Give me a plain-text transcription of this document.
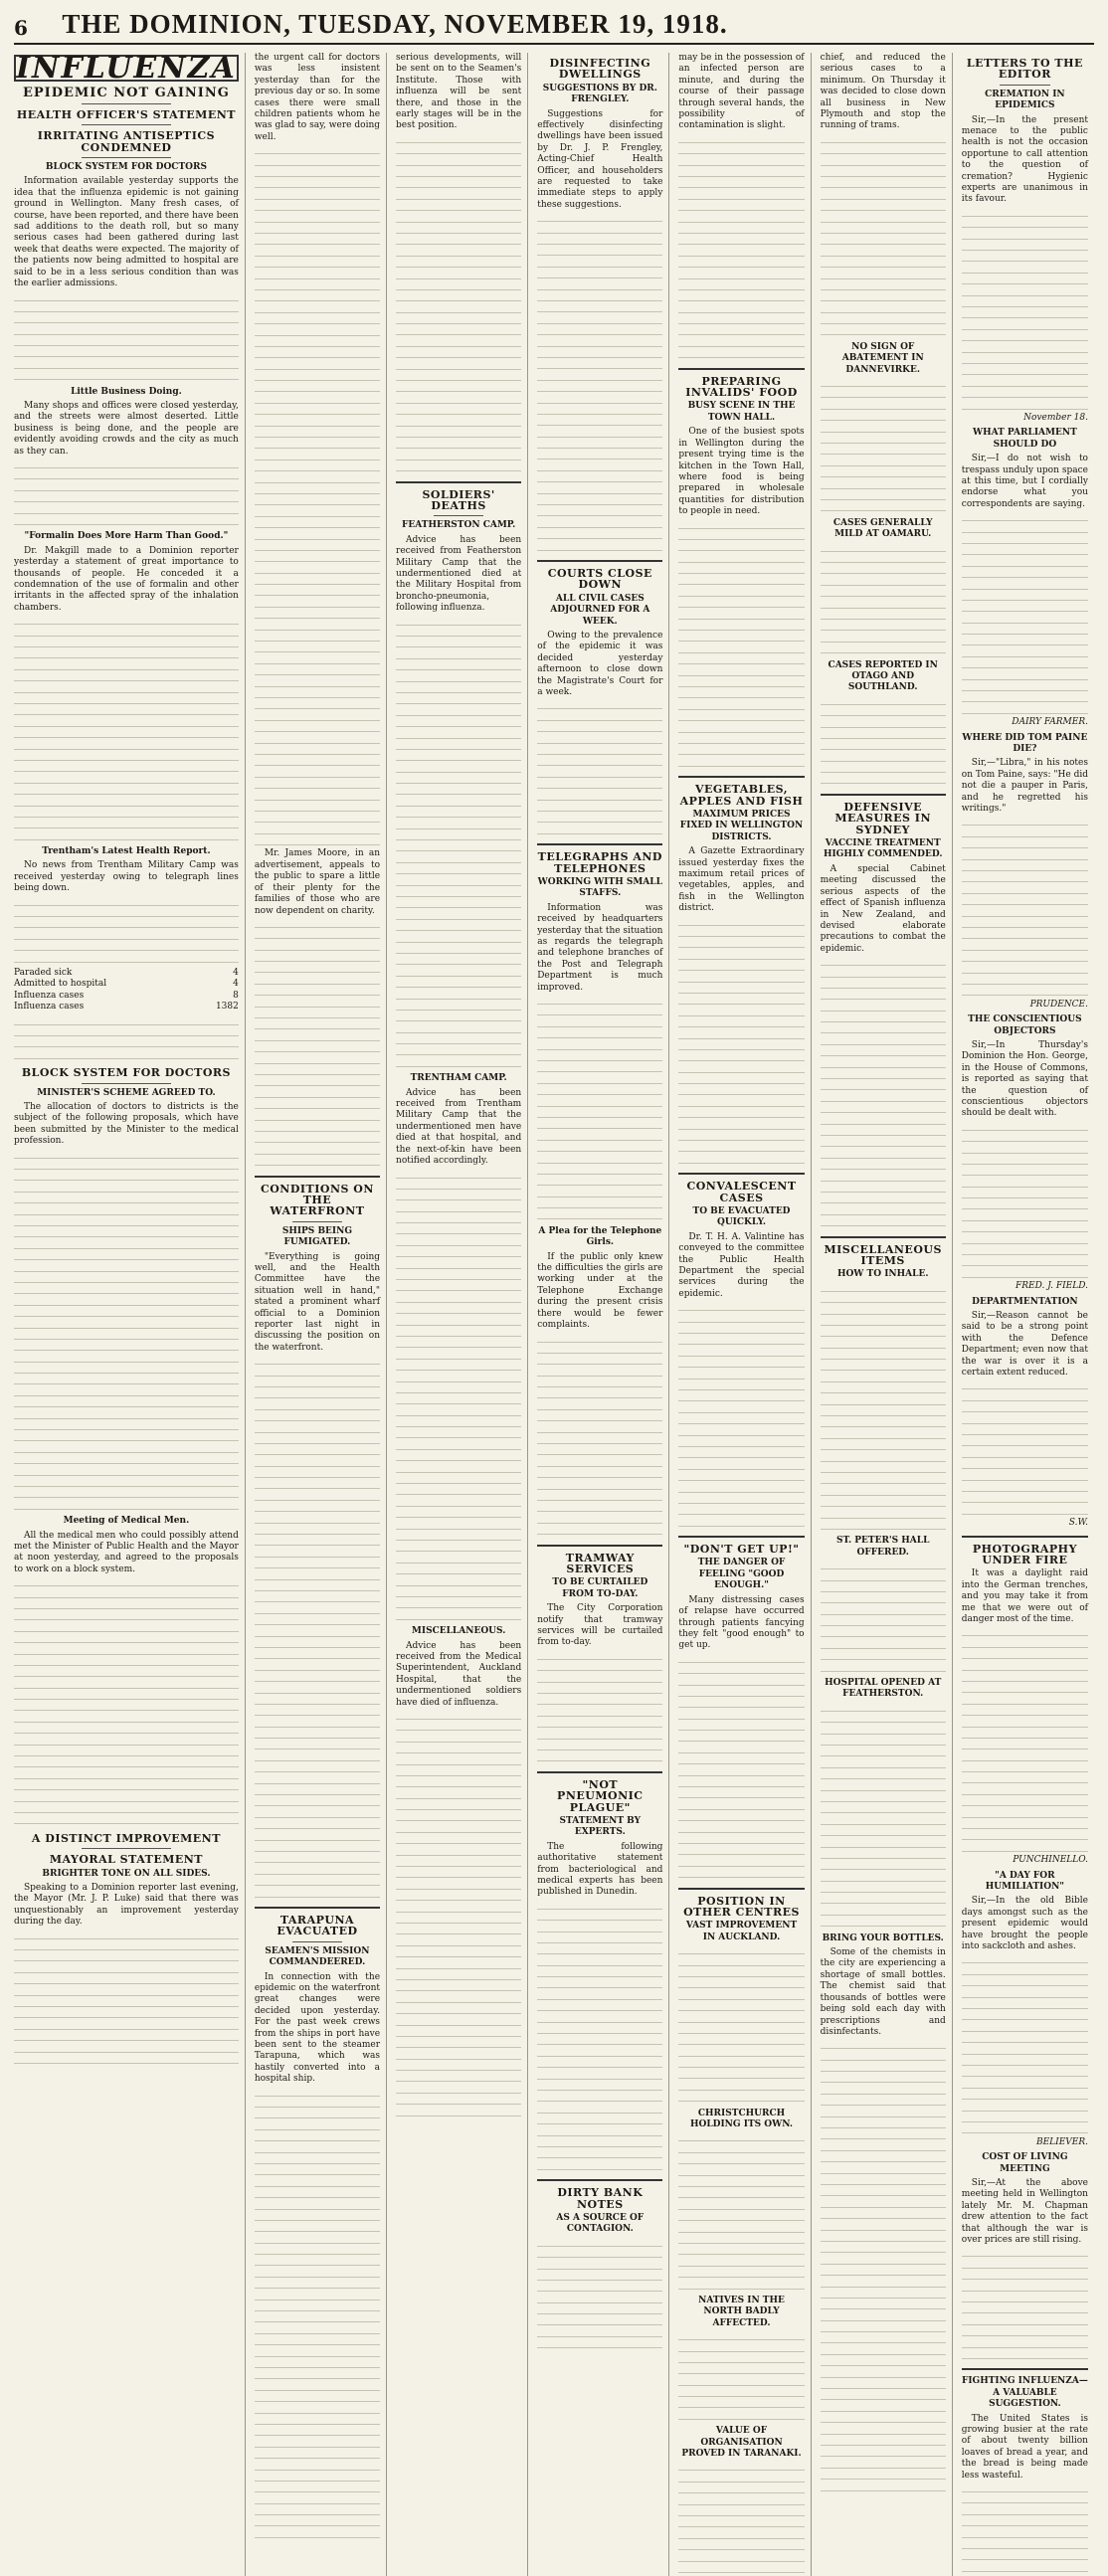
6	THE DOMINION, TUESDAY, NOVEMBER 19, 1918.
INFLUENZA
EPIDEMIC NOT GAINING
HEALTH OFFICER'S STATEMENT
IRRITATING ANTISEPTICS CONDEMNED
BLOCK SYSTEM FOR DOCTORS

Information available yesterday supports the idea that the influenza epidemic is not gaining ground in Wellington. Many fresh cases, of course, have been reported, and there have been sad additions to the death roll, but so many serious cases had been gathered during last week that deaths were expected. The majority of the patients now being admitted to hospital are said to be in a less serious condition than was the earlier admissions.

Little Business Doing.

Many shops and offices were closed yesterday, and the streets were almost deserted. Little business is being done, and the people are evidently avoiding crowds and the city as much as they can.

"Formalin Does More Harm Than Good."

Dr. Makgill made to a Dominion reporter yesterday a statement of great importance to thousands of people. He conceded it a condemnation of the use of formalin and other irritants in the affected spray of the inhalation chambers.

Trentham's Latest Health Report.

No news from Trentham Military Camp was received yesterday owing to telegraph lines being down.

Paraded sick	4
Admitted to hospital	4
Influenza cases	8
Influenza cases	1382
BLOCK SYSTEM FOR DOCTORS
MINISTER'S SCHEME AGREED TO.

The allocation of doctors to districts is the subject of the following proposals, which have been submitted by the Minister to the medical profession.

Meeting of Medical Men.

All the medical men who could possibly attend met the Minister of Public Health and the Mayor at noon yesterday, and agreed to the proposals to work on a block system.

A DISTINCT IMPROVEMENT
MAYORAL STATEMENT
BRIGHTER TONE ON ALL SIDES.

Speaking to a Dominion reporter last evening, the Mayor (Mr. J. P. Luke) said that there was unquestionably an improvement yesterday during the day.

the urgent call for doctors was less insistent yesterday than for the previous day or so. In some cases there were small children patients whom he was glad to say, were doing well.

Mr. James Moore, in an advertisement, appeals to the public to spare a little of their plenty for the families of those who are now dependent on charity.

CONDITIONS ON THE WATERFRONT
SHIPS BEING FUMIGATED.

"Everything is going well, and the Health Committee have the situation well in hand," stated a prominent wharf official to a Dominion reporter last night in discussing the position on the waterfront.

TARAPUNA EVACUATED
SEAMEN'S MISSION COMMANDEERED.

In connection with the epidemic on the waterfront great changes were decided upon yesterday. For the past week crews from the ships in port have been sent to the steamer Tarapuna, which was hastily converted into a hospital ship.

serious developments, will be sent on to the Seamen's Institute. Those with influenza will be sent there, and those in the early stages will be in the best position.

SOLDIERS' DEATHS
FEATHERSTON CAMP.

Advice has been received from Featherston Military Camp that the undermentioned died at the Military Hospital from broncho-pneumonia, following influenza.

TRENTHAM CAMP.

Advice has been received from Trentham Military Camp that the undermentioned men have died at that hospital, and the next-of-kin have been notified accordingly.

MISCELLANEOUS.

Advice has been received from the Medical Superintendent, Auckland Hospital, that the undermentioned soldiers have died of influenza.

DISINFECTING DWELLINGS
SUGGESTIONS BY DR. FRENGLEY.

Suggestions for effectively disinfecting dwellings have been issued by Dr. J. P. Frengley, Acting-Chief Health Officer, and householders are requested to take immediate steps to apply these suggestions.

COURTS CLOSE DOWN
ALL CIVIL CASES ADJOURNED FOR A WEEK.

Owing to the prevalence of the epidemic it was decided yesterday afternoon to close down the Magistrate's Court for a week.

TELEGRAPHS AND TELEPHONES
WORKING WITH SMALL STAFFS.

Information was received by headquarters yesterday that the situation as regards the telegraph and telephone branches of the Post and Telegraph Department is much improved.

A Plea for the Telephone Girls.

If the public only knew the difficulties the girls are working under at the Telephone Exchange during the present crisis there would be fewer complaints.

TRAMWAY SERVICES
TO BE CURTAILED FROM TO-DAY.

The City Corporation notify that tramway services will be curtailed from to-day.

"NOT PNEUMONIC PLAGUE"
STATEMENT BY EXPERTS.

The following authoritative statement from bacteriological and medical experts has been published in Dunedin.

DIRTY BANK NOTES
AS A SOURCE OF CONTAGION.

may be in the possession of an infected person are minute, and during the course of their passage through several hands, the possibility of contamination is slight.

PREPARING INVALIDS' FOOD
BUSY SCENE IN THE TOWN HALL.

One of the busiest spots in Wellington during the present trying time is the kitchen in the Town Hall, where food is being prepared in wholesale quantities for distribution to people in need.

VEGETABLES, APPLES AND FISH
MAXIMUM PRICES FIXED IN WELLINGTON DISTRICTS.

A Gazette Extraordinary issued yesterday fixes the maximum retail prices of vegetables, apples, and fish in the Wellington district.

CONVALESCENT CASES
TO BE EVACUATED QUICKLY.

Dr. T. H. A. Valintine has conveyed to the committee the Public Health Department the special services during the epidemic.

"DON'T GET UP!"
THE DANGER OF FEELING "GOOD ENOUGH."

Many distressing cases of relapse have occurred through patients fancying they felt "good enough" to get up.

POSITION IN OTHER CENTRES
VAST IMPROVEMENT IN AUCKLAND.
CHRISTCHURCH HOLDING ITS OWN.
NATIVES IN THE NORTH BADLY AFFECTED.
VALUE OF ORGANISATION PROVED IN TARANAKI.

chief, and reduced the serious cases to a minimum. On Thursday it was decided to close down all business in New Plymouth and stop the running of trams.

NO SIGN OF ABATEMENT IN DANNEVIRKE.
CASES GENERALLY MILD AT OAMARU.
CASES REPORTED IN OTAGO AND SOUTHLAND.
DEFENSIVE MEASURES IN SYDNEY
VACCINE TREATMENT HIGHLY COMMENDED.

A special Cabinet meeting discussed the serious aspects of the effect of Spanish influenza in New Zealand, and devised elaborate precautions to combat the epidemic.

MISCELLANEOUS ITEMS
HOW TO INHALE.
ST. PETER'S HALL OFFERED.
HOSPITAL OPENED AT FEATHERSTON.
BRING YOUR BOTTLES.

Some of the chemists in the city are experiencing a shortage of small bottles. The chemist said that thousands of bottles were being sold each day with prescriptions and disinfectants.

LETTERS TO THE EDITOR
CREMATION IN EPIDEMICS

Sir,—In the present menace to the public health is not the occasion opportune to call attention to the question of cremation? Hygienic experts are unanimous in its favour.

November 18.
WHAT PARLIAMENT SHOULD DO

Sir,—I do not wish to trespass unduly upon space at this time, but I cordially endorse what you correspondents are saying.

DAIRY FARMER.
WHERE DID TOM PAINE DIE?

Sir,—"Libra," in his notes on Tom Paine, says: "He did not die a pauper in Paris, and he regretted his writings."

PRUDENCE.
THE CONSCIENTIOUS OBJECTORS

Sir,—In Thursday's Dominion the Hon. George, in the House of Commons, is reported as saying that the question of conscientious objectors should be dealt with.

FRED. J. FIELD.
DEPARTMENTATION

Sir,—Reason cannot be said to be a strong point with the Defence Department; even now that the war is over it is a certain extent reduced.

S.W.
PHOTOGRAPHY UNDER FIRE

It was a daylight raid into the German trenches, and you may take it from me that we were out of danger most of the time.

PUNCHINELLO.
"A DAY FOR HUMILIATION"

Sir,—In the old Bible days amongst such as the present epidemic would have brought the people into sackcloth and ashes.

BELIEVER.
COST OF LIVING MEETING

Sir,—At the above meeting held in Wellington lately Mr. M. Chapman drew attention to the fact that although the war is over prices are still rising.

FIGHTING INFLUENZA—A VALUABLE SUGGESTION.

The United States is growing busier at the rate of about twenty billion loaves of bread a year, and the bread is being made less wasteful.
